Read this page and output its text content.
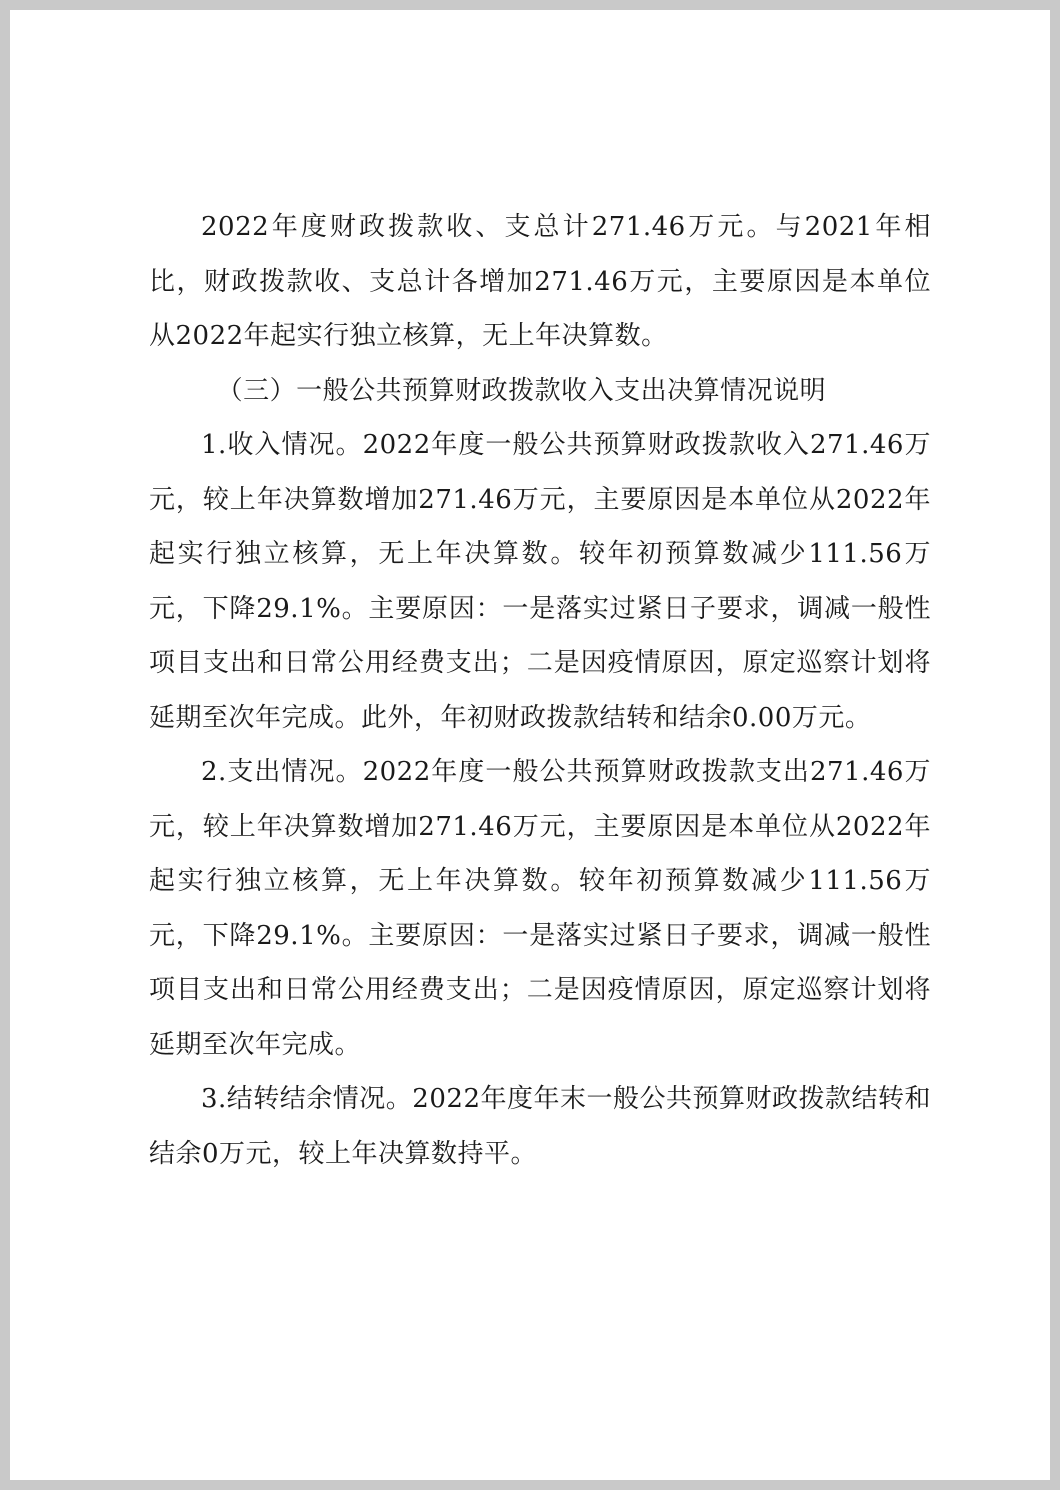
2022年度财政拨款收、支总计271.46万元。与2021年相比，财政拨款收、支总计各增加271.46万元，主要原因是本单位从2022年起实行独立核算，无上年决算数。

（三）一般公共预算财政拨款收入支出决算情况说明

1.收入情况。2022年度一般公共预算财政拨款收入271.46万元，较上年决算数增加271.46万元，主要原因是本单位从2022年起实行独立核算，无上年决算数。较年初预算数减少111.56万元，下降29.1%。主要原因：一是落实过紧日子要求，调减一般性项目支出和日常公用经费支出；二是因疫情原因，原定巡察计划将延期至次年完成。此外，年初财政拨款结转和结余0.00万元。

2.支出情况。2022年度一般公共预算财政拨款支出271.46万元，较上年决算数增加271.46万元，主要原因是本单位从2022年起实行独立核算，无上年决算数。较年初预算数减少111.56万元，下降29.1%。主要原因：一是落实过紧日子要求，调减一般性项目支出和日常公用经费支出；二是因疫情原因，原定巡察计划将延期至次年完成。

3.结转结余情况。2022年度年末一般公共预算财政拨款结转和结余0万元，较上年决算数持平。
